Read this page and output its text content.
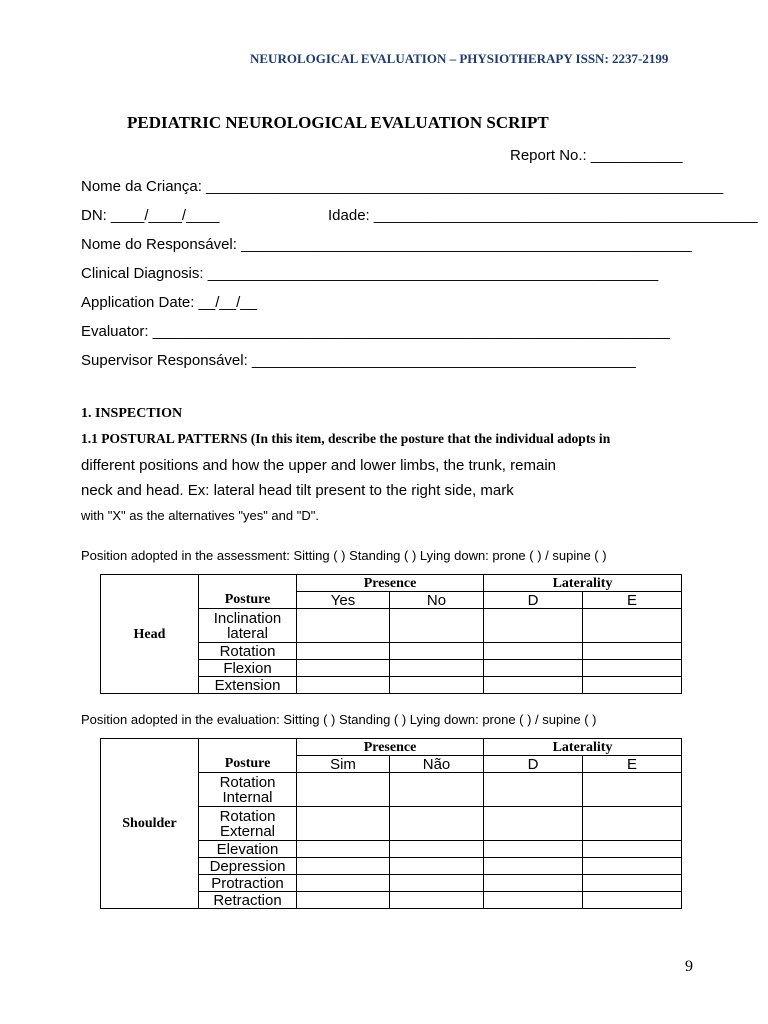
NEUROLOGICAL EVALUATION – PHYSIOTHERAPY ISSN: 2237-2199
PEDIATRIC NEUROLOGICAL EVALUATION SCRIPT
Report No.: ___________
Nome da Criança: ______________________________________________________________
DN: ____/____/____	Idade: ______________________________________________
Nome do Responsável: ______________________________________________________
Clinical Diagnosis: ______________________________________________________
Application Date: __/__/__
Evaluator: ______________________________________________________________
Supervisor Responsável: ______________________________________________
1. INSPECTION
1.1 POSTURAL PATTERNS (In this item, describe the posture that the individual adopts in
different positions and how the upper and lower limbs, the trunk, remain
neck and head. Ex: lateral head tilt present to the right side, mark
with "X" as the alternatives "yes" and "D".
Position adopted in the assessment: Sitting ( ) Standing ( ) Lying down: prone ( ) / supine ( )
Head		Presence		Laterality	
	Posture	Yes	No	D	E
	Inclination lateral				
	Rotation				
	Flexion				
	Extension				
Position adopted in the evaluation: Sitting ( ) Standing ( ) Lying down: prone ( ) / supine ( )
Shoulder		Presence		Laterality	
	Posture	Sim	Não	D	E
	Rotation Internal				
	Rotation External				
	Elevation				
	Depression				
	Protraction				
	Retraction				
9
